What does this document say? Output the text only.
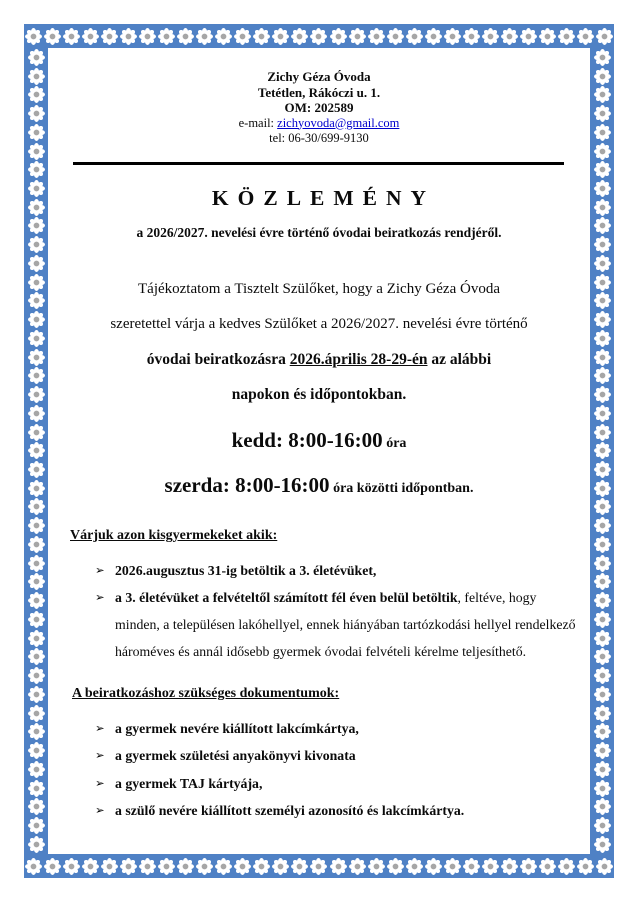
Zichy Géza Óvoda
Tetétlen, Rákóczi u. 1.
OM: 202589
e-mail: zichyovoda@gmail.com
tel: 06-30/699-9130
KÖZLEMÉNY
a 2026/2027. nevelési évre történő óvodai beiratkozás rendjéről.
Tájékoztatom a Tisztelt Szülőket, hogy a Zichy Géza Óvoda
szeretettel várja a kedves Szülőket a 2026/2027. nevelési évre történő
óvodai beiratkozásra 2026.április 28-29-én az alábbi
napokon és időpontokban.
kedd: 8:00-16:00 óra
szerda: 8:00-16:00 óra közötti időpontban.
Várjuk azon kisgyermekeket akik:
➢ 2026.augusztus 31-ig betöltik a 3. életévüket,
➢ a 3. életévüket a felvételtől számított fél éven belül betöltik, feltéve, hogy minden, a településen lakóhellyel, ennek hiányában tartózkodási hellyel rendelkező hároméves és annál idősebb gyermek óvodai felvételi kérelme teljesíthető.
A beiratkozáshoz szükséges dokumentumok:
➢ a gyermek nevére kiállított lakcímkártya,
➢ a gyermek születési anyakönyvi kivonata
➢ a gyermek TAJ kártyája,
➢ a szülő nevére kiállított személyi azonosító és lakcímkártya.
